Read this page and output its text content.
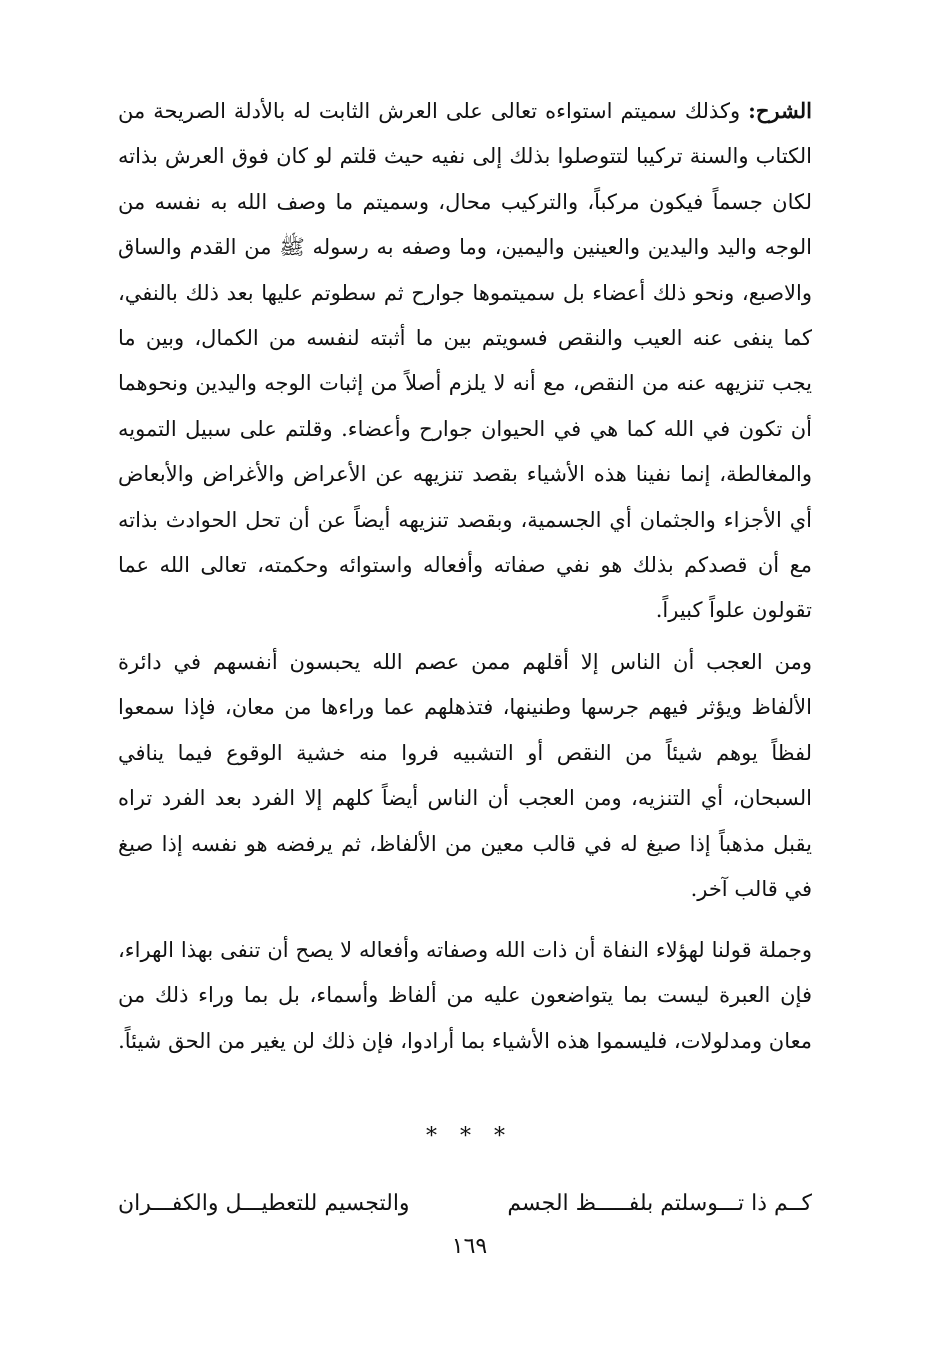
الشرح: وكذلك سميتم استواءه تعالى على العرش الثابت له بالأدلة الصريحة من الكتاب والسنة تركيبا لتتوصلوا بذلك إلى نفيه حيث قلتم لو كان فوق العرش بذاته لكان جسماً فيكون مركباً، والتركيب محال، وسميتم ما وصف الله به نفسه من الوجه واليد واليدين والعينين واليمين، وما وصفه به رسوله ﷺ من القدم والساق والاصبع، ونحو ذلك أعضاء بل سميتموها جوارح ثم سطوتم عليها بعد ذلك بالنفي، كما ينفى عنه العيب والنقص فسويتم بين ما أثبته لنفسه من الكمال، وبين ما يجب تنزيهه عنه من النقص، مع أنه لا يلزم أصلاً من إثبات الوجه واليدين ونحوهما أن تكون في الله كما هي في الحيوان جوارح وأعضاء. وقلتم على سبيل التمويه والمغالطة، إنما نفينا هذه الأشياء بقصد تنزيهه عن الأعراض والأغراض والأبعاض أي الأجزاء والجثمان أي الجسمية، وبقصد تنزيهه أيضاً عن أن تحل الحوادث بذاته مع أن قصدكم بذلك هو نفي صفاته وأفعاله واستوائه وحكمته، تعالى الله عما تقولون علواً كبيراً.

ومن العجب أن الناس إلا أقلهم ممن عصم الله يحبسون أنفسهم في دائرة الألفاظ ويؤثر فيهم جرسها وطنينها، فتذهلهم عما وراءها من معان، فإذا سمعوا لفظاً يوهم شيئاً من النقص أو التشبيه فروا منه خشية الوقوع فيما ينافي السبحان، أي التنزيه، ومن العجب أن الناس أيضاً كلهم إلا الفرد بعد الفرد تراه يقبل مذهباً إذا صيغ له في قالب معين من الألفاظ، ثم يرفضه هو نفسه إذا صيغ في قالب آخر.

وجملة قولنا لهؤلاء النفاة أن ذات الله وصفاته وأفعاله لا يصح أن تنفى بهذا الهراء، فإن العبرة ليست بما يتواضعون عليه من ألفاظ وأسماء، بل بما وراء ذلك من معان ومدلولات، فليسموا هذه الأشياء بما أرادوا، فإن ذلك لن يغير من الحق شيئاً.

* * *
كــم ذا تـــوسلتم بلفـــــظ الجسم
والتجسيم للتعطيـــل والكفـــران
١٦٩
